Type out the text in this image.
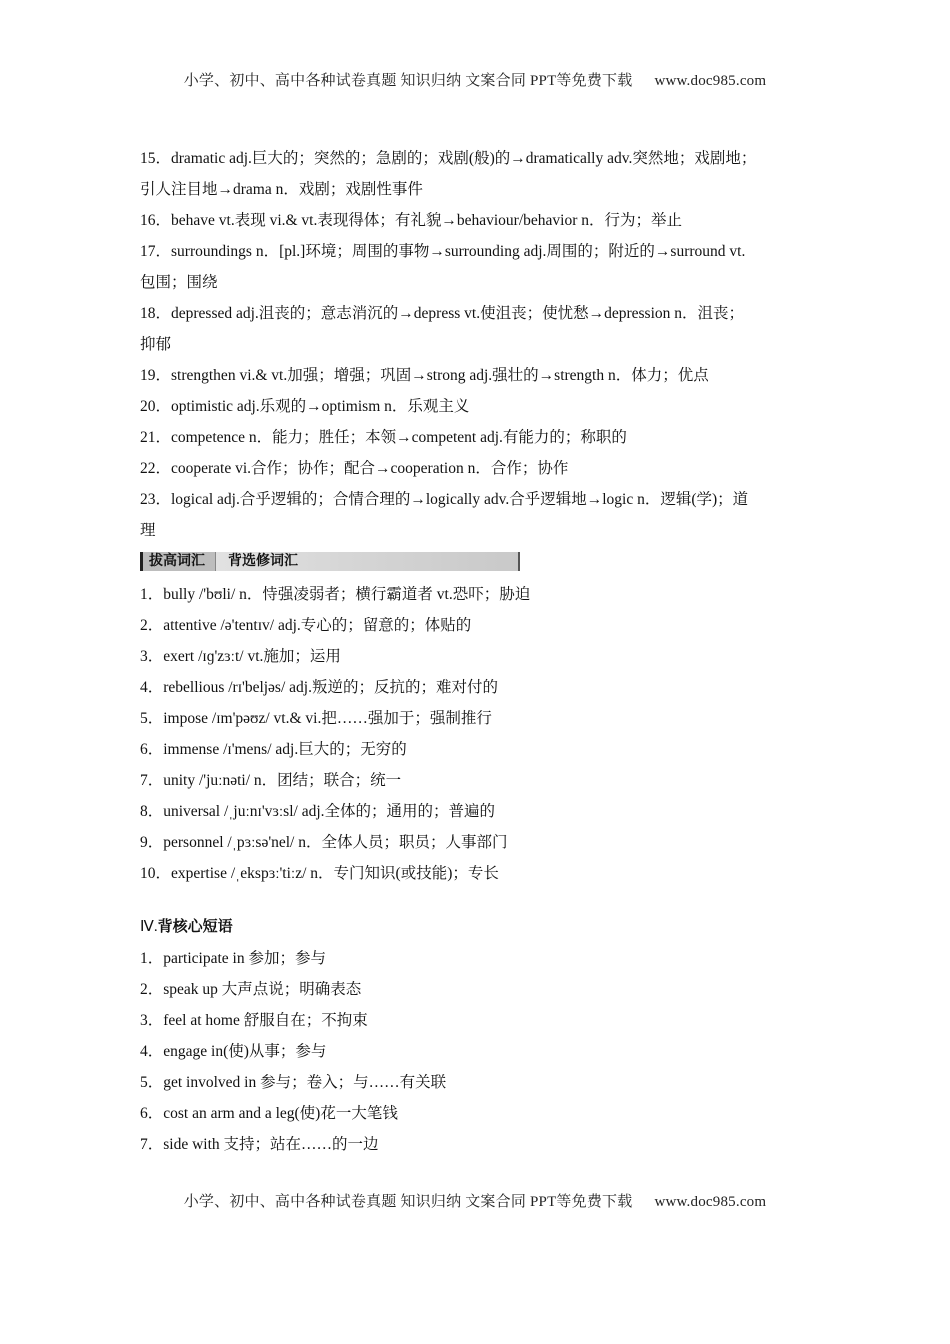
小学、初中、高中各种试卷真题 知识归纳 文案合同 PPT等免费下载 www.doc985.com
15．dramatic adj.巨大的；突然的；急剧的；戏剧(般)的→dramatically adv.突然地；戏剧地；
引人注目地→drama n．戏剧；戏剧性事件
16．behave vt.表现 vi.& vt.表现得体；有礼貌→behaviour/behavior n．行为；举止
17．surroundings n．[pl.]环境；周围的事物→surrounding adj.周围的；附近的→surround vt.
包围；围绕
18．depressed adj.沮丧的；意志消沉的→depress vt.使沮丧；使忧愁→depression n．沮丧；
抑郁
19．strengthen vi.& vt.加强；增强；巩固→strong adj.强壮的→strength n．体力；优点
20．optimistic adj.乐观的→optimism n．乐观主义
21．competence n．能力；胜任；本领→competent adj.有能力的；称职的
22．cooperate vi.合作；协作；配合→cooperation n．合作；协作
23．logical adj.合乎逻辑的；合情合理的→logically adv.合乎逻辑地→logic n．逻辑(学)；道
理
拔高词汇 背选修词汇
1．bully /'bʊli/ n．恃强凌弱者；横行霸道者 vt.恐吓；胁迫
2．attentive /ə'tentɪv/ adj.专心的；留意的；体贴的
3．exert /ɪɡ'zɜːt/ vt.施加；运用
4．rebellious /rɪ'beljəs/ adj.叛逆的；反抗的；难对付的
5．impose /ɪm'pəʊz/ vt.& vi.把……强加于；强制推行
6．immense /ɪ'mens/ adj.巨大的；无穷的
7．unity /'juːnəti/ n．团结；联合；统一
8．universal /ˌjuːnɪ'vɜːsl/ adj.全体的；通用的；普遍的
9．personnel /ˌpɜːsə'nel/ n．全体人员；职员；人事部门
10．expertise /ˌekspɜː'tiːz/ n．专门知识(或技能)；专长
Ⅳ.背核心短语
1．participate in 参加；参与
2．speak up 大声点说；明确表态
3．feel at home 舒服自在；不拘束
4．engage in(使)从事；参与
5．get involved in 参与；卷入；与……有关联
6．cost an arm and a leg(使)花一大笔钱
7．side with 支持；站在……的一边
小学、初中、高中各种试卷真题 知识归纳 文案合同 PPT等免费下载 www.doc985.com
